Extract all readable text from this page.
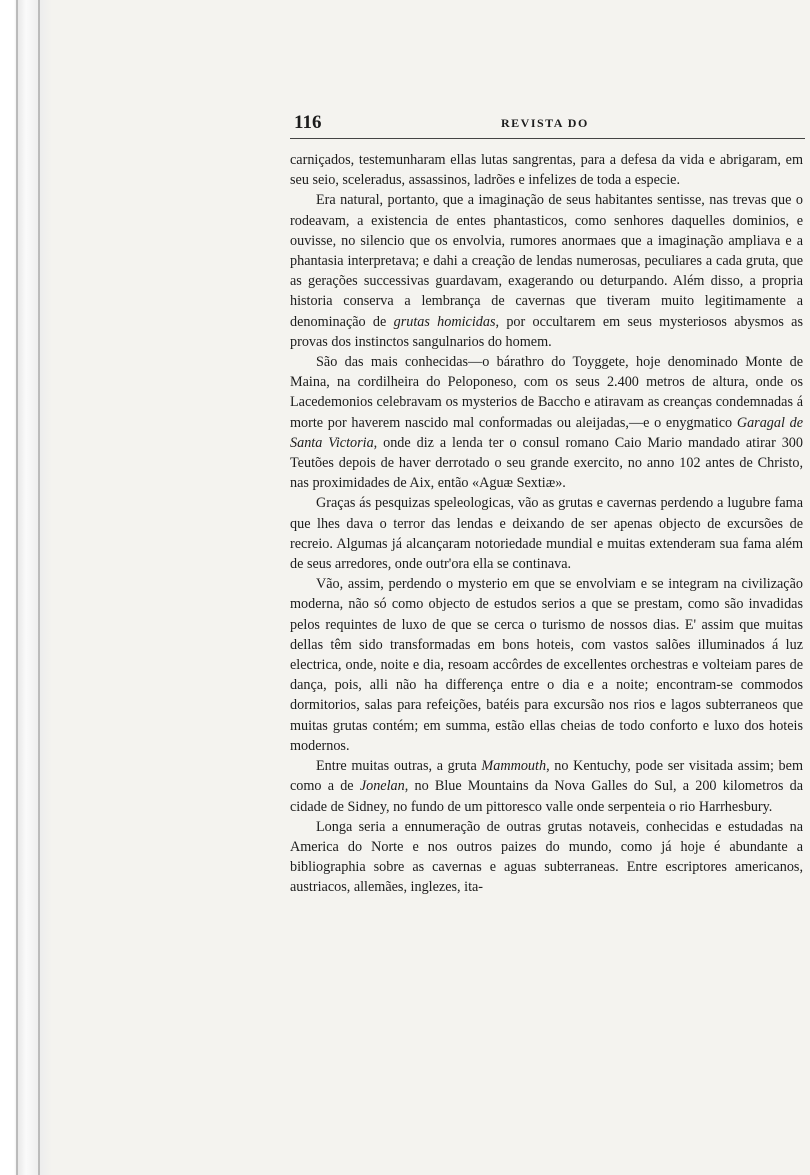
116	REVISTA DO

carniçados, testemunharam ellas lutas sangrentas, para a defesa da vida e abrigaram, em seu seio, sceleradus, assassinos, ladrões e infelizes de toda a especie.

Era natural, portanto, que a imaginação de seus habitantes sentisse, nas trevas que o rodeavam, a existencia de entes phantasticos, como senhores daquelles dominios, e ouvisse, no silencio que os envolvia, rumores anormaes que a imaginação ampliava e a phantasia interpretava; e dahi a creação de lendas numerosas, peculiares a cada gruta, que as gerações successivas guardavam, exagerando ou deturpando. Além disso, a propria historia conserva a lembrança de cavernas que tiveram muito legitimamente a denominação de grutas homicidas, por occultarem em seus mysteriosos abysmos as provas dos instinctos sangulnarios do homem.

São das mais conhecidas—o bárathro do Toyggete, hoje denominado Monte de Maina, na cordilheira do Peloponeso, com os seus 2.400 metros de altura, onde os Lacedemonios celebravam os mysterios de Baccho e atiravam as creanças condemnadas á morte por haverem nascido mal conformadas ou aleijadas,—e o enygmatico Garagal de Santa Victoria, onde diz a lenda ter o consul romano Caio Mario mandado atirar 300 Teutões depois de haver derrotado o seu grande exercito, no anno 102 antes de Christo, nas proximidades de Aix, então «Aguæ Sextiæ».

Graças ás pesquizas speleologicas, vão as grutas e cavernas perdendo a lugubre fama que lhes dava o terror das lendas e deixando de ser apenas objecto de excursões de recreio. Algumas já alcançaram notoriedade mundial e muitas extenderam sua fama além de seus arredores, onde outr'ora ella se continava.

Vão, assim, perdendo o mysterio em que se envolviam e se integram na civilização moderna, não só como objecto de estudos serios a que se prestam, como são invadidas pelos requintes de luxo de que se cerca o turismo de nossos dias. E' assim que muitas dellas têm sido transformadas em bons hoteis, com vastos salões illuminados á luz electrica, onde, noite e dia, resoam accôrdes de excellentes orchestras e volteiam pares de dança, pois, alli não ha differença entre o dia e a noite; encontram-se commodos dormitorios, salas para refeições, batéis para excursão nos rios e lagos subterraneos que muitas grutas contém; em summa, estão ellas cheias de todo conforto e luxo dos hoteis modernos.

Entre muitas outras, a gruta Mammouth, no Kentuchy, pode ser visitada assim; bem como a de Jonelan, no Blue Mountains da Nova Galles do Sul, a 200 kilometros da cidade de Sidney, no fundo de um pittoresco valle onde serpenteia o rio Harrhesbury.

Longa seria a ennumeração de outras grutas notaveis, conhecidas e estudadas na America do Norte e nos outros paizes do mundo, como já hoje é abundante a bibliographia sobre as cavernas e aguas subterraneas. Entre escriptores americanos, austriacos, allemães, inglezes, ita-
